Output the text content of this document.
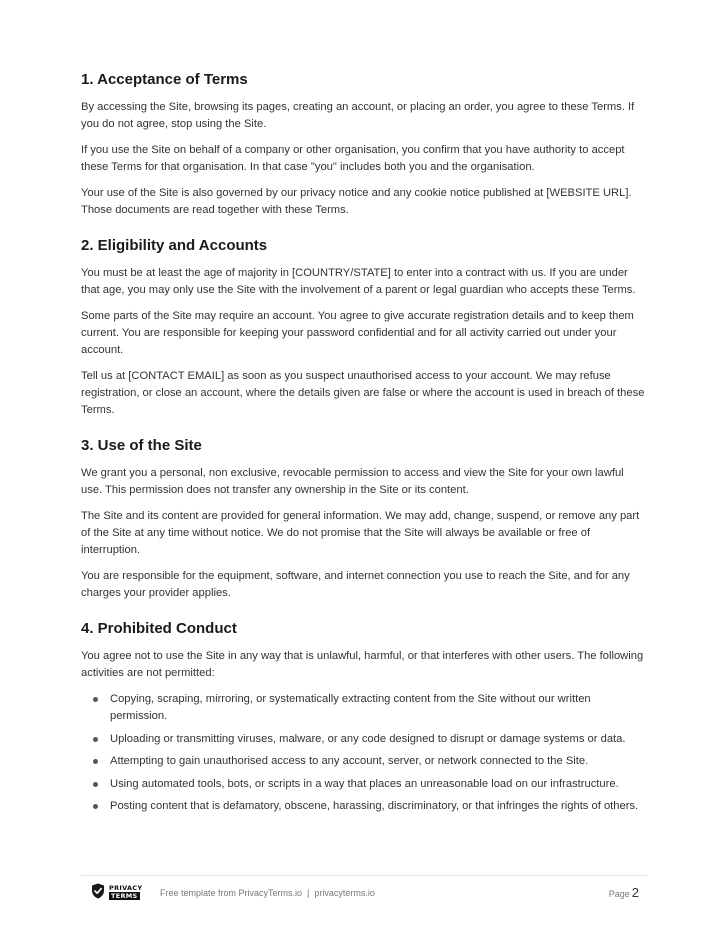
1. Acceptance of Terms

By accessing the Site, browsing its pages, creating an account, or placing an order, you agree to these Terms. If you do not agree, stop using the Site.

If you use the Site on behalf of a company or other organisation, you confirm that you have authority to accept these Terms for that organisation. In that case "you" includes both you and the organisation.

Your use of the Site is also governed by our privacy notice and any cookie notice published at [WEBSITE URL]. Those documents are read together with these Terms.

2. Eligibility and Accounts

You must be at least the age of majority in [COUNTRY/STATE] to enter into a contract with us. If you are under that age, you may only use the Site with the involvement of a parent or legal guardian who accepts these Terms.

Some parts of the Site may require an account. You agree to give accurate registration details and to keep them current. You are responsible for keeping your password confidential and for all activity carried out under your account.

Tell us at [CONTACT EMAIL] as soon as you suspect unauthorised access to your account. We may refuse registration, or close an account, where the details given are false or where the account is used in breach of these Terms.

3. Use of the Site

We grant you a personal, non exclusive, revocable permission to access and view the Site for your own lawful use. This permission does not transfer any ownership in the Site or its content.

The Site and its content are provided for general information. We may add, change, suspend, or remove any part of the Site at any time without notice. We do not promise that the Site will always be available or free of interruption.

You are responsible for the equipment, software, and internet connection you use to reach the Site, and for any charges your provider applies.

4. Prohibited Conduct

You agree not to use the Site in any way that is unlawful, harmful, or that interferes with other users. The following activities are not permitted:

Copying, scraping, mirroring, or systematically extracting content from the Site without our written permission.
Uploading or transmitting viruses, malware, or any code designed to disrupt or damage systems or data.
Attempting to gain unauthorised access to any account, server, or network connected to the Site.
Using automated tools, bots, or scripts in a way that places an unreasonable load on our infrastructure.
Posting content that is defamatory, obscene, harassing, discriminatory, or that infringes the rights of others.
PRIVACY
TERMS Free template from PrivacyTerms.io | privacyterms.io	Page 2
